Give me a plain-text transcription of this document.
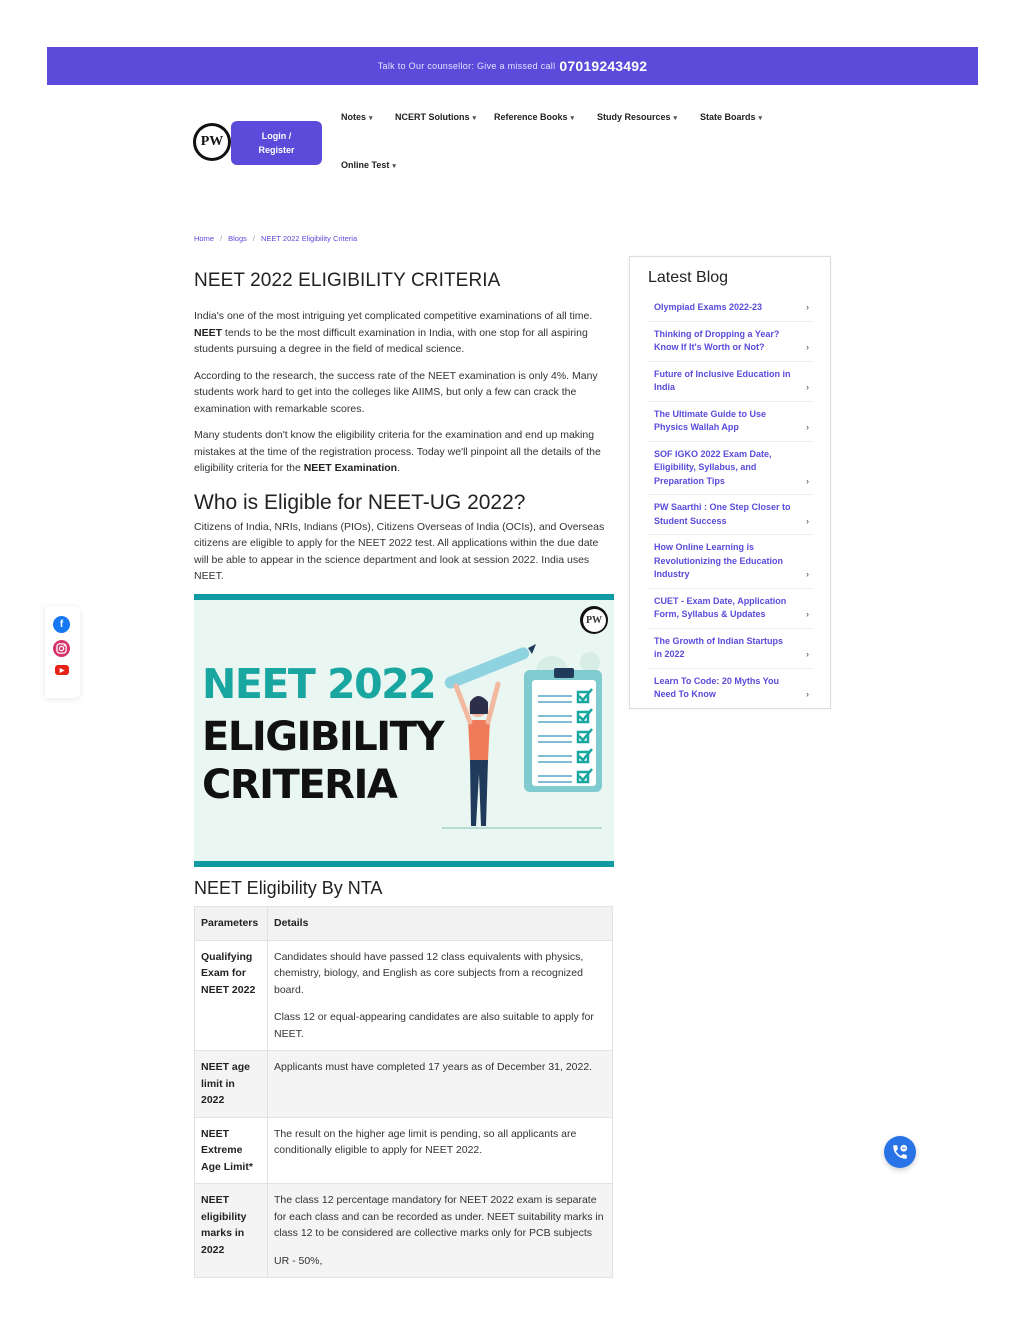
Talk to Our counsellor: Give a missed call 07019243492
PW	Login /
Register
Notes ▾ NCERT Solutions ▾ Reference Books ▾	Study Resources ▾	State Boards ▾
Online Test ▾
Home / Blogs / NEET 2022 Eligibility Criteria
NEET 2022 ELIGIBILITY CRITERIA

India's one of the most intriguing yet complicated competitive examinations of all time. NEET tends to be the most difficult examination in India, with one stop for all aspiring students pursuing a degree in the field of medical science.

According to the research, the success rate of the NEET examination is only 4%. Many students work hard to get into the colleges like AIIMS, but only a few can crack the examination with remarkable scores.

Many students don't know the eligibility criteria for the examination and end up making mistakes at the time of the registration process. Today we'll pinpoint all the details of the eligibility criteria for the NEET Examination.

Who is Eligible for NEET-UG 2022?

Citizens of India, NRIs, Indians (PIOs), Citizens Overseas of India (OCIs), and Overseas citizens are eligible to apply for the NEET 2022 test. All applications within the due date will be able to appear in the science department and look at session 2022. India uses NEET.

PW
NEET 2022
ELIGIBILITY
CRITERIA
NEET Eligibility By NTA
Parameters	Details
Qualifying Exam for NEET 2022	Candidates should have passed 12 class equivalents with physics, chemistry, biology, and English as core subjects from a recognized board.
Class 12 or equal-appearing candidates are also suitable to apply for NEET.

NEET age limit in 2022	Applicants must have completed 17 years as of December 31, 2022.

NEET Extreme Age Limit*	The result on the higher age limit is pending, so all applicants are conditionally eligible to apply for NEET 2022.

NEET eligibility marks in 2022	The class 12 percentage mandatory for NEET 2022 exam is separate for each class and can be recorded as under. NEET suitability marks in class 12 to be considered are collective marks only for PCB subjects
UR - 50%,
Latest Blog
Olympiad Exams 2022-23	›
Thinking of Dropping a Year? Know If It's Worth or Not?	›
Future of Inclusive Education in India	›
The Ultimate Guide to Use Physics Wallah App	›
SOF IGKO 2022 Exam Date, Eligibility, Syllabus, and Preparation Tips	›
PW Saarthi : One Step Closer to Student Success	›
How Online Learning is Revolutionizing the Education Industry	›
CUET - Exam Date, Application Form, Syllabus & Updates	›
The Growth of Indian Startups in 2022	›
Learn To Code: 20 Myths You Need To Know	›
f
▶
